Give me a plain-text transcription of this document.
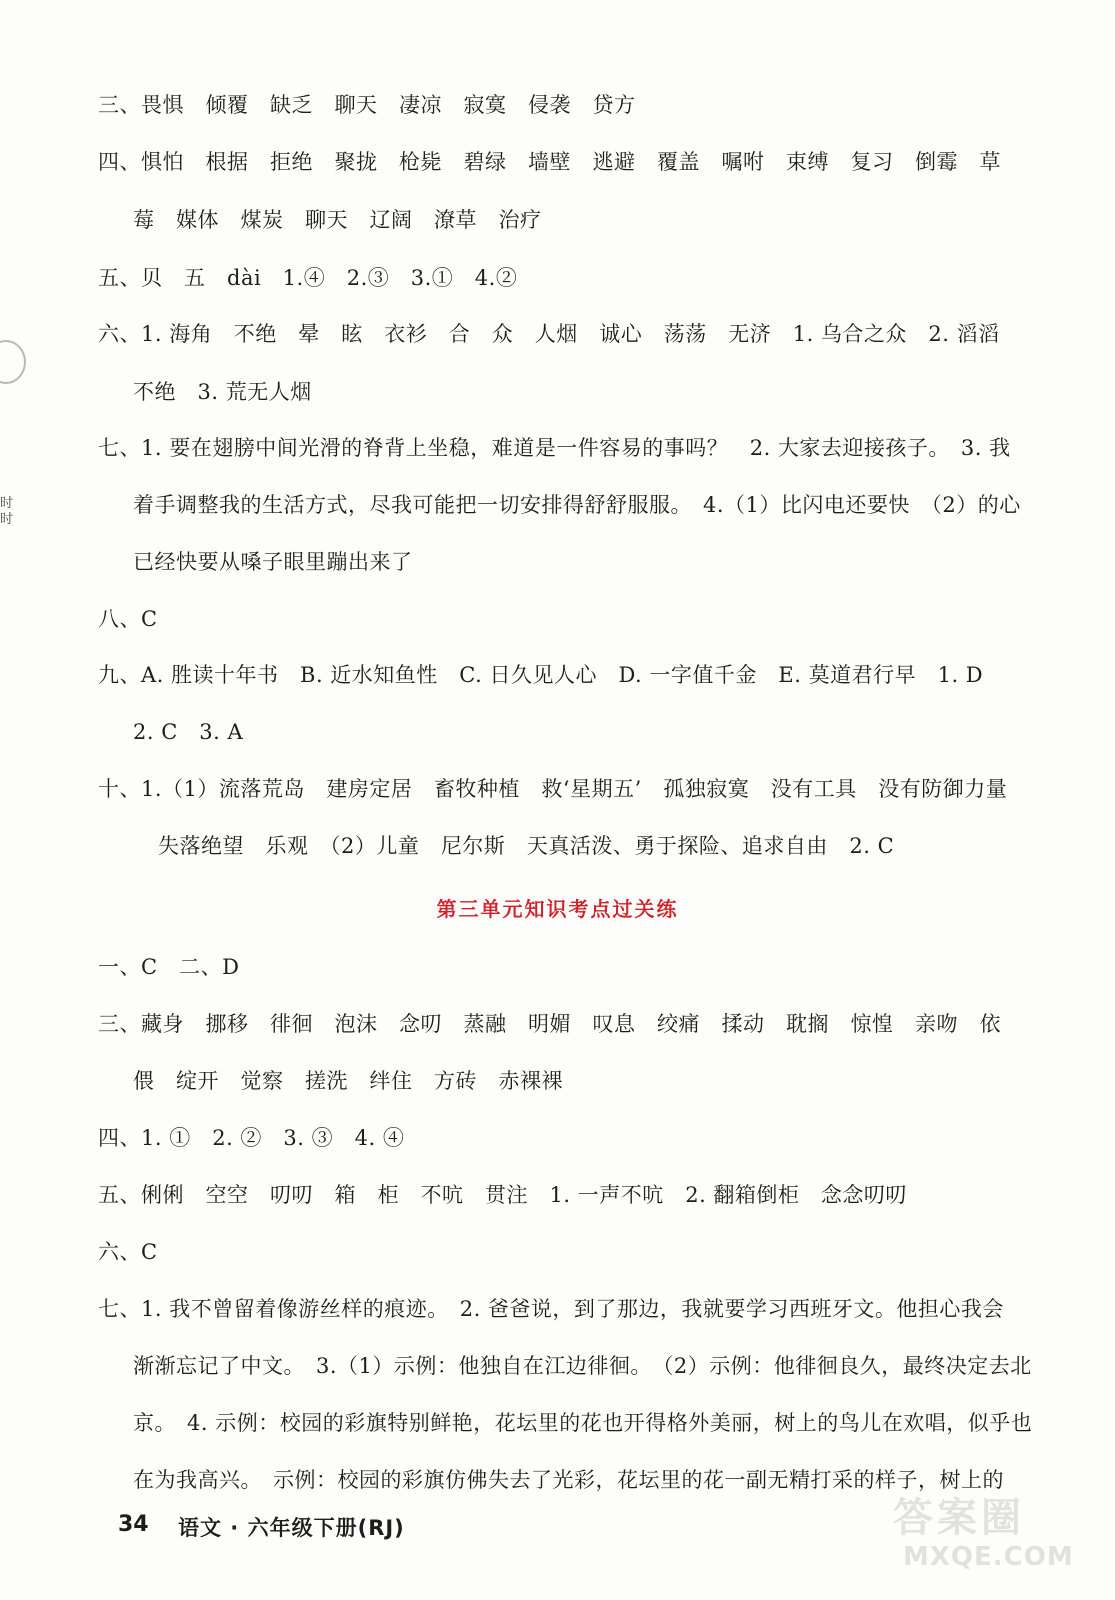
时时
三、畏惧　倾覆　缺乏　聊天　凄凉　寂寞　侵袭　贷方
四、惧怕　根据　拒绝　聚拢　枪毙　碧绿　墙壁　逃避　覆盖　嘱咐　束缚　复习　倒霉　草
莓　媒体　煤炭　聊天　辽阔　潦草　治疗
五、贝　五　dài　1.④　2.③　3.①　4.②
六、1. 海角　不绝　晕　眩　衣衫　合　众　人烟　诚心　荡荡　无济　1. 乌合之众　2. 滔滔
不绝　3. 荒无人烟
七、1. 要在翅膀中间光滑的脊背上坐稳，难道是一件容易的事吗？　2. 大家去迎接孩子。　3. 我
着手调整我的生活方式，尽我可能把一切安排得舒舒服服。　4.（1）比闪电还要快　（2）的心
已经快要从嗓子眼里蹦出来了
八、C
九、A. 胜读十年书　B. 近水知鱼性　C. 日久见人心　D. 一字值千金　E. 莫道君行早　1. D
2. C　3. A
十、1.（1）流落荒岛　建房定居　畜牧种植　救‘星期五’　孤独寂寞　没有工具　没有防御力量
失落绝望　乐观　（2）儿童　尼尔斯　天真活泼、勇于探险、追求自由　2. C
第三单元知识考点过关练
一、C　二、D
三、藏身　挪移　徘徊　泡沫　念叨　蒸融　明媚　叹息　绞痛　揉动　耽搁　惊惶　亲吻　依
偎　绽开　觉察　搓洗　绊住　方砖　赤裸裸
四、1. ①　2. ②　3. ③　4. ④
五、俐俐　空空　叨叨　箱　柜　不吭　贯注　1. 一声不吭　2. 翻箱倒柜　念念叨叨
六、C
七、1. 我不曾留着像游丝样的痕迹。　2. 爸爸说，到了那边，我就要学习西班牙文。他担心我会
渐渐忘记了中文。　3.（1）示例：他独自在江边徘徊。　（2）示例：他徘徊良久，最终决定去北
京。　4. 示例：校园的彩旗特别鲜艳，花坛里的花也开得格外美丽，树上的鸟儿在欢唱，似乎也
在为我高兴。　示例：校园的彩旗仿佛失去了光彩，花坛里的花一副无精打采的样子，树上的
34 语文 · 六年级下册(RJ)	答案圈
MXQE.COM
